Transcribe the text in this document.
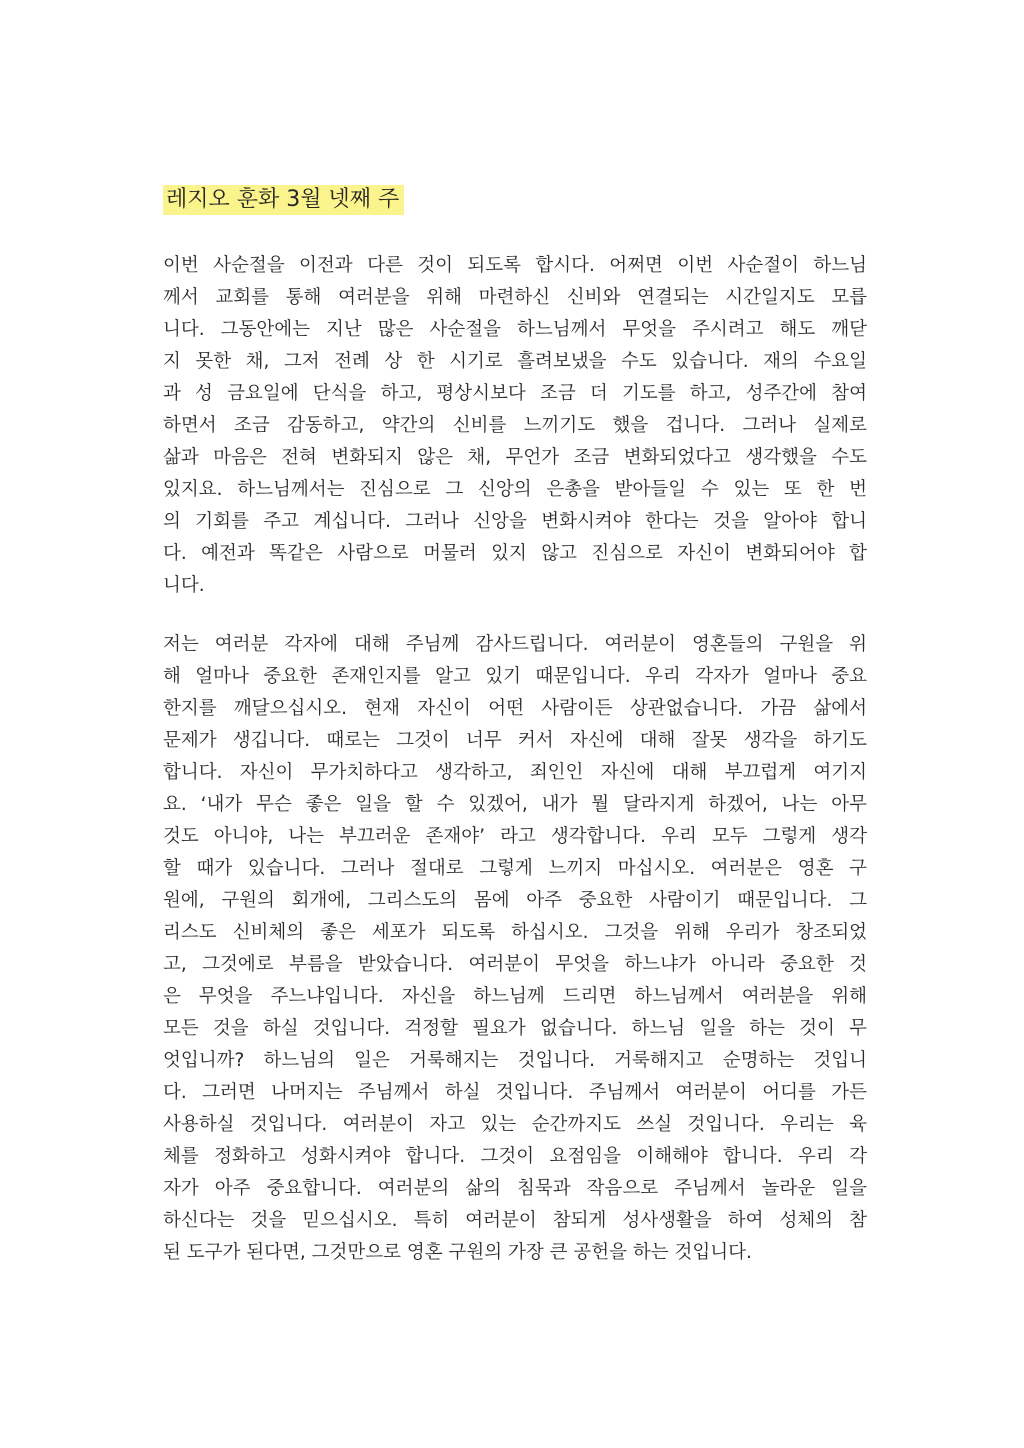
레지오 훈화 3월 넷째 주
이번 사순절을 이전과 다른 것이 되도록 합시다. 어쩌면 이번 사순절이 하느님
께서 교회를 통해 여러분을 위해 마련하신 신비와 연결되는 시간일지도 모릅
니다. 그동안에는 지난 많은 사순절을 하느님께서 무엇을 주시려고 해도 깨닫
지 못한 채, 그저 전례 상 한 시기로 흘려보냈을 수도 있습니다. 재의 수요일
과 성 금요일에 단식을 하고, 평상시보다 조금 더 기도를 하고, 성주간에 참여
하면서 조금 감동하고, 약간의 신비를 느끼기도 했을 겁니다. 그러나 실제로
삶과 마음은 전혀 변화되지 않은 채, 무언가 조금 변화되었다고 생각했을 수도
있지요. 하느님께서는 진심으로 그 신앙의 은총을 받아들일 수 있는 또 한 번
의 기회를 주고 계십니다. 그러나 신앙을 변화시켜야 한다는 것을 알아야 합니
다. 예전과 똑같은 사람으로 머물러 있지 않고 진심으로 자신이 변화되어야 합
니다.
저는 여러분 각자에 대해 주님께 감사드립니다. 여러분이 영혼들의 구원을 위
해 얼마나 중요한 존재인지를 알고 있기 때문입니다. 우리 각자가 얼마나 중요
한지를 깨달으십시오. 현재 자신이 어떤 사람이든 상관없습니다. 가끔 삶에서
문제가 생깁니다. 때로는 그것이 너무 커서 자신에 대해 잘못 생각을 하기도
합니다. 자신이 무가치하다고 생각하고, 죄인인 자신에 대해 부끄럽게 여기지
요. ‘내가 무슨 좋은 일을 할 수 있겠어, 내가 뭘 달라지게 하겠어, 나는 아무
것도 아니야, 나는 부끄러운 존재야’ 라고 생각합니다. 우리 모두 그렇게 생각
할 때가 있습니다. 그러나 절대로 그렇게 느끼지 마십시오. 여러분은 영혼 구
원에, 구원의 회개에, 그리스도의 몸에 아주 중요한 사람이기 때문입니다. 그
리스도 신비체의 좋은 세포가 되도록 하십시오. 그것을 위해 우리가 창조되었
고, 그것에로 부름을 받았습니다. 여러분이 무엇을 하느냐가 아니라 중요한 것
은 무엇을 주느냐입니다. 자신을 하느님께 드리면 하느님께서 여러분을 위해
모든 것을 하실 것입니다. 걱정할 필요가 없습니다. 하느님 일을 하는 것이 무
엇입니까? 하느님의 일은 거룩해지는 것입니다. 거룩해지고 순명하는 것입니
다. 그러면 나머지는 주님께서 하실 것입니다. 주님께서 여러분이 어디를 가든
사용하실 것입니다. 여러분이 자고 있는 순간까지도 쓰실 것입니다. 우리는 육
체를 정화하고 성화시켜야 합니다. 그것이 요점임을 이해해야 합니다. 우리 각
자가 아주 중요합니다. 여러분의 삶의 침묵과 작음으로 주님께서 놀라운 일을
하신다는 것을 믿으십시오. 특히 여러분이 참되게 성사생활을 하여 성체의 참
된 도구가 된다면, 그것만으로 영혼 구원의 가장 큰 공헌을 하는 것입니다.
